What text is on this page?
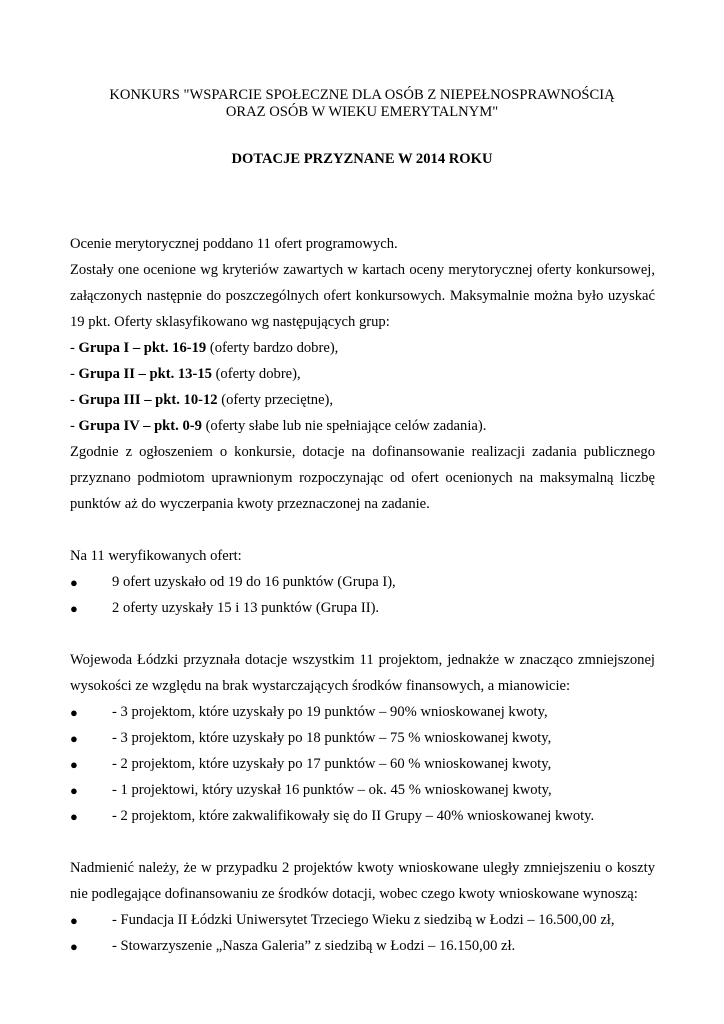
KONKURS "WSPARCIE SPOŁECZNE DLA OSÓB Z NIEPEŁNOSPRAWNOŚCIĄ

ORAZ OSÓB W WIEKU EMERYTALNYM"

DOTACJE PRZYZNANE W 2014 ROKU

Ocenie merytorycznej poddano 11 ofert programowych.

Zostały one ocenione wg kryteriów zawartych w kartach oceny merytorycznej oferty konkursowej,

załączonych następnie do poszczególnych ofert konkursowych. Maksymalnie można było uzyskać

19 pkt. Oferty sklasyfikowano wg następujących grup:

- Grupa I – pkt. 16-19 (oferty bardzo dobre),

- Grupa II – pkt. 13-15 (oferty dobre),

- Grupa III – pkt. 10-12 (oferty przeciętne),

- Grupa IV – pkt. 0-9 (oferty słabe lub nie spełniające celów zadania).

Zgodnie z ogłoszeniem o konkursie, dotacje na dofinansowanie realizacji zadania publicznego

przyznano podmiotom uprawnionym rozpoczynając od ofert ocenionych na maksymalną liczbę

punktów aż do wyczerpania kwoty przeznaczonej na zadanie.

Na 11 weryfikowanych ofert:

● 9 ofert uzyskało od 19 do 16 punktów (Grupa I),
● 2 oferty uzyskały 15 i 13 punktów (Grupa II).

Wojewoda Łódzki przyznała dotacje wszystkim 11 projektom, jednakże w znacząco zmniejszonej

wysokości ze względu na brak wystarczających środków finansowych, a mianowicie:

● - 3 projektom, które uzyskały po 19 punktów – 90% wnioskowanej kwoty,
● - 3 projektom, które uzyskały po 18 punktów – 75 % wnioskowanej kwoty,
● - 2 projektom, które uzyskały po 17 punktów – 60 % wnioskowanej kwoty,
● - 1 projektowi, który uzyskał 16 punktów – ok. 45 % wnioskowanej kwoty,
● - 2 projektom, które zakwalifikowały się do II Grupy – 40% wnioskowanej kwoty.

Nadmienić należy, że w przypadku 2 projektów kwoty wnioskowane uległy zmniejszeniu o koszty

nie podlegające dofinansowaniu ze środków dotacji, wobec czego kwoty wnioskowane wynoszą:

● - Fundacja II Łódzki Uniwersytet Trzeciego Wieku z siedzibą w Łodzi – 16.500,00 zł,
● - Stowarzyszenie „Nasza Galeria” z siedzibą w Łodzi – 16.150,00 zł.
